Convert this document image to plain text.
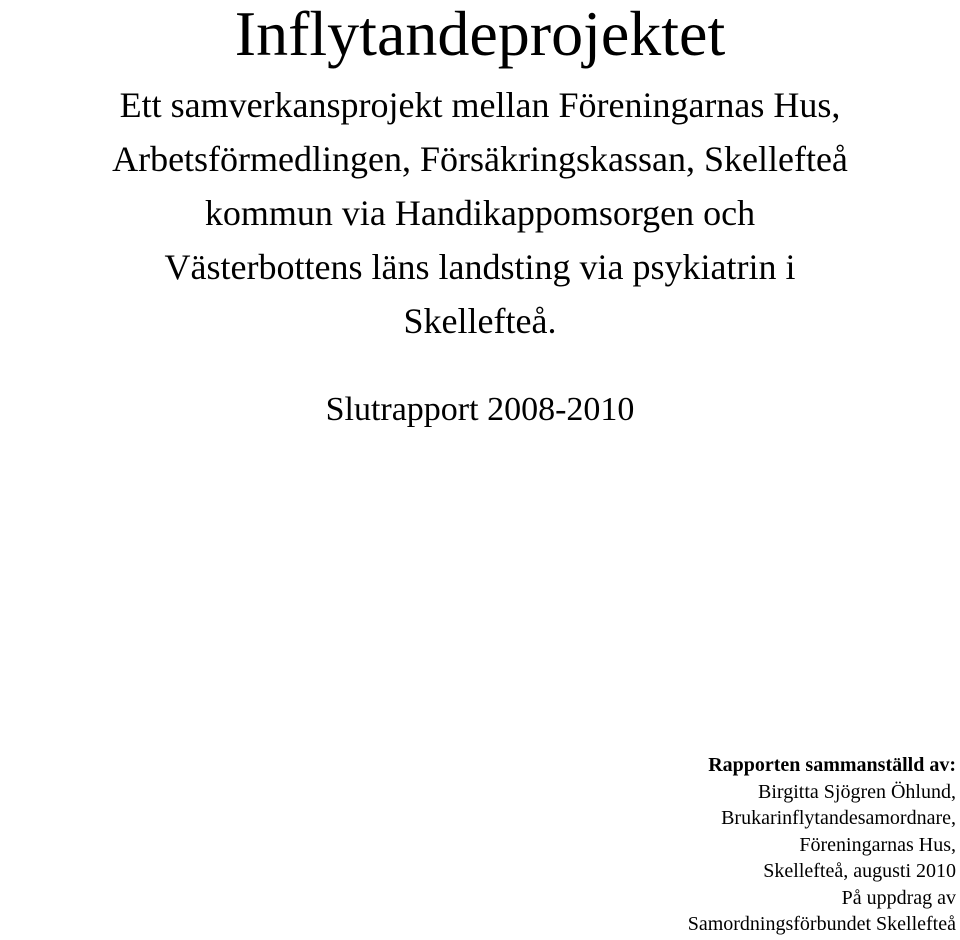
Inflytandeprojektet

Ett samverkansprojekt mellan Föreningarnas Hus,
Arbetsförmedlingen, Försäkringskassan, Skellefteå
kommun via Handikappomsorgen och
Västerbottens läns landsting via psykiatrin i
Skellefteå.

Slutrapport 2008-2010

Rapporten sammanställd av:
Birgitta Sjögren Öhlund,
Brukarinflytandesamordnare,
Föreningarnas Hus,
Skellefteå, augusti 2010
På uppdrag av
Samordningsförbundet Skellefteå
